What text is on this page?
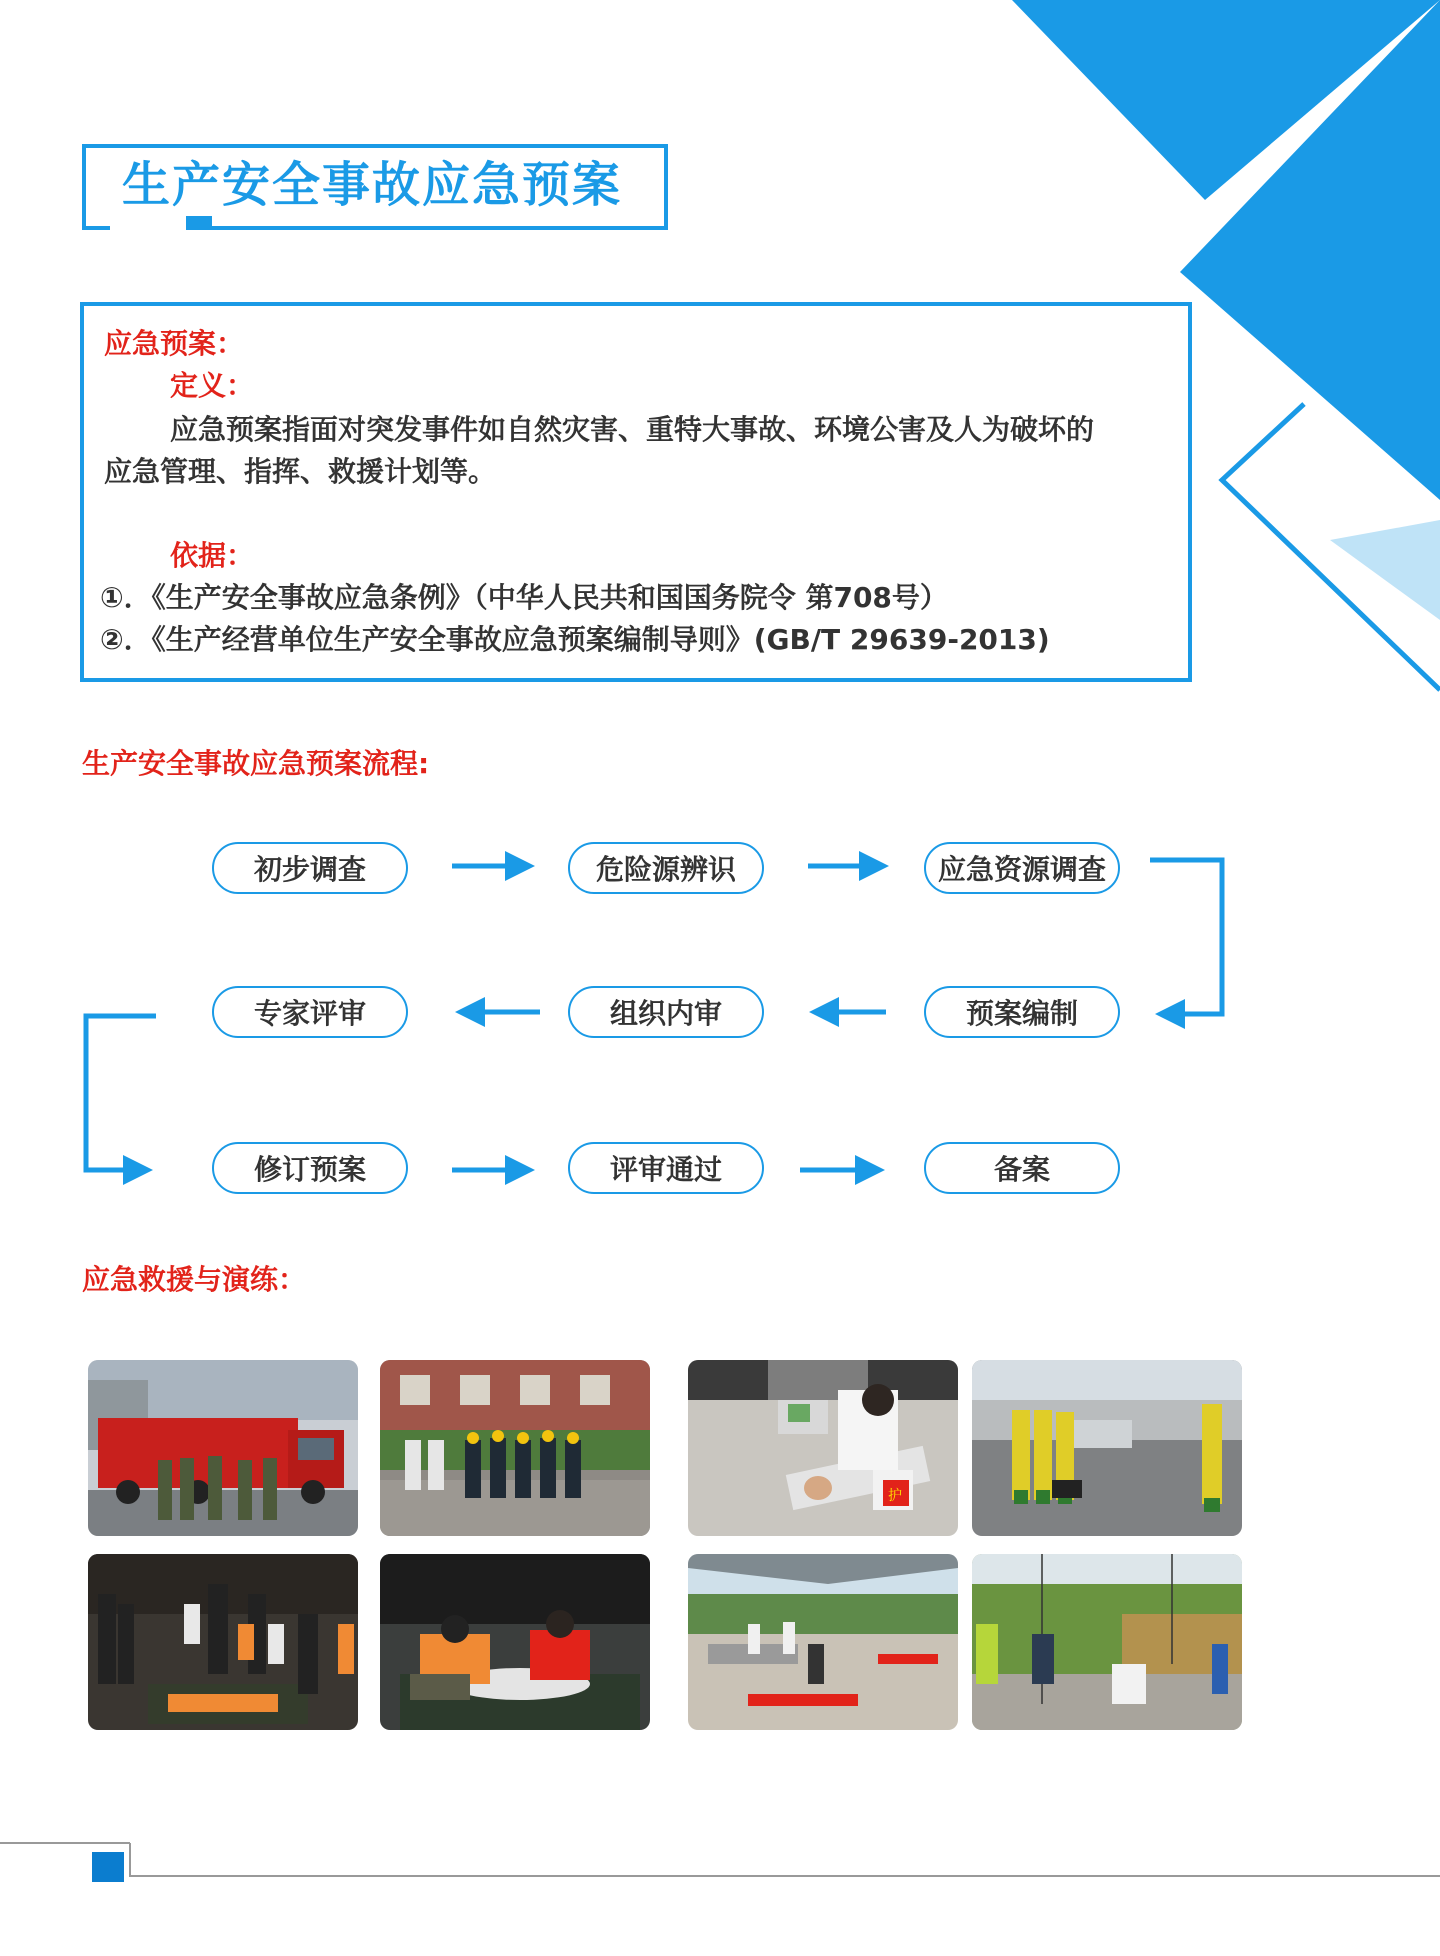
生产安全事故应急预案
应急预案：
定义：
应急预案指面对突发事件如自然灾害、重特大事故、环境公害及人为破坏的
应急管理、指挥、救援计划等。
依据：
①．《生产安全事故应急条例》（中华人民共和国国务院令 第708号）
②．《生产经营单位生产安全事故应急预案编制导则》(GB/T 29639-2013)
生产安全事故应急预案流程:
初步调查	危险源辨识	应急资源调查
预案编制
组织内审
专家评审
修订预案	评审通过	备案
应急救援与演练：
护
